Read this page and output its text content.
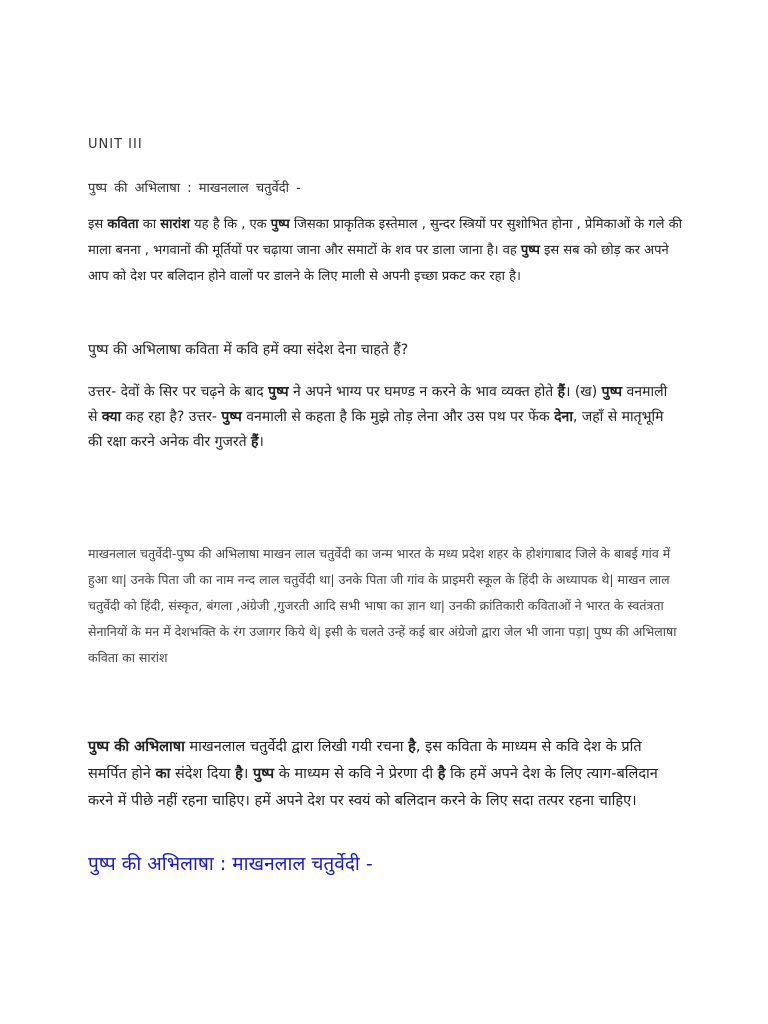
UNIT III
पुष्प की अभिलाषा : माखनलाल चतुर्वेदी -

इस कविता का सारांश यह है कि , एक पुष्प जिसका प्राकृतिक इस्तेमाल , सुन्दर स्त्रियों पर सुशोभित होना , प्रेमिकाओं के गले की माला बनना , भगवानों की मूर्तियों पर चढ़ाया जाना और समाटों के शव पर डाला जाना है। वह पुष्प इस सब को छोड़ कर अपने आप को देश पर बलिदान होने वालों पर डालने के लिए माली से अपनी इच्छा प्रकट कर रहा है।

पुष्प की अभिलाषा कविता में कवि हमें क्या संदेश देना चाहते हैं?

उत्तर- देवों के सिर पर चढ़ने के बाद पुष्प ने अपने भाग्य पर घमण्ड न करने के भाव व्यक्त होते हैं। (ख) पुष्प वनमाली से क्या कह रहा है? उत्तर- पुष्प वनमाली से कहता है कि मुझे तोड़ लेना और उस पथ पर फेंक देना, जहाँ से मातृभूमि की रक्षा करने अनेक वीर गुजरते हैं।

माखनलाल चतुर्वेदी-पुष्प की अभिलाषा माखन लाल चतुर्वेदी का जन्म भारत के मध्य प्रदेश शहर के होशंगाबाद जिले के बाबई गांव में हुआ था| उनके पिता जी का नाम नन्द लाल चतुर्वेदी था| उनके पिता जी गांव के प्राइमरी स्कूल के हिंदी के अध्यापक थे| माखन लाल चतुर्वेदी को हिंदी, संस्कृत, बंगला ,अंग्रेजी ,गुजरती आदि सभी भाषा का ज्ञान था| उनकी क्रांतिकारी कविताओं ने भारत के स्वतंत्रता सेनानियों के मन में देशभक्ति के रंग उजागर किये थे| इसी के चलते उन्हें कई बार अंग्रेजो द्वारा जेल भी जाना पड़ा| पुष्प की अभिलाषा कविता का सारांश

पुष्प की अभिलाषा माखनलाल चतुर्वेदी द्वारा लिखी गयी रचना है, इस कविता के माध्यम से कवि देश के प्रति समर्पित होने का संदेश दिया है। पुष्प के माध्यम से कवि ने प्रेरणा दी है कि हमें अपने देश के लिए त्याग-बलिदान करने में पीछे नहीं रहना चाहिए। हमें अपने देश पर स्वयं को बलिदान करने के लिए सदा तत्पर रहना चाहिए।

पुष्प की अभिलाषा : माखनलाल चतुर्वेदी -
